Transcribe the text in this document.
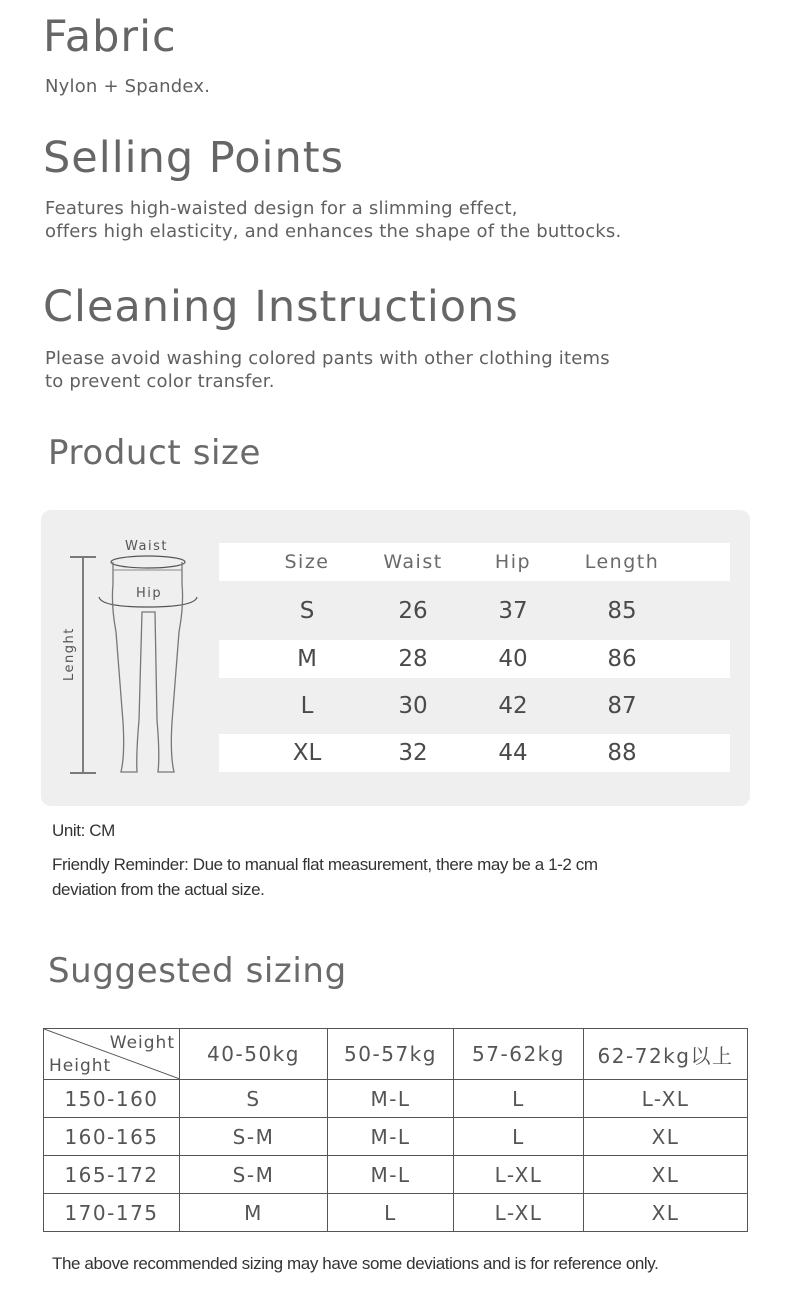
Fabric

Nylon + Spandex.

Selling Points

Features high-waisted design for a slimming effect,

offers high elasticity, and enhances the shape of the buttocks.

Cleaning Instructions

Please avoid washing colored pants with other clothing items

to prevent color transfer.

Product size
Waist
Hip
Lenght
Size	Waist	Hip	Length
S	26	37	85
M	28	40	86
L	30	42	87
XL	32	44	88

Unit: CM

Friendly Reminder: Due to manual flat measurement, there may be a 1-2 cm

deviation from the actual size.

Suggested sizing
Weight
Height	40-50kg	50-57kg	57-62kg	62-72kg以上
150-160	S	M-L	L	L-XL
160-165	S-M	M-L	L	XL
165-172	S-M	M-L	L-XL	XL
170-175	M	L	L-XL	XL

The above recommended sizing may have some deviations and is for reference only.
